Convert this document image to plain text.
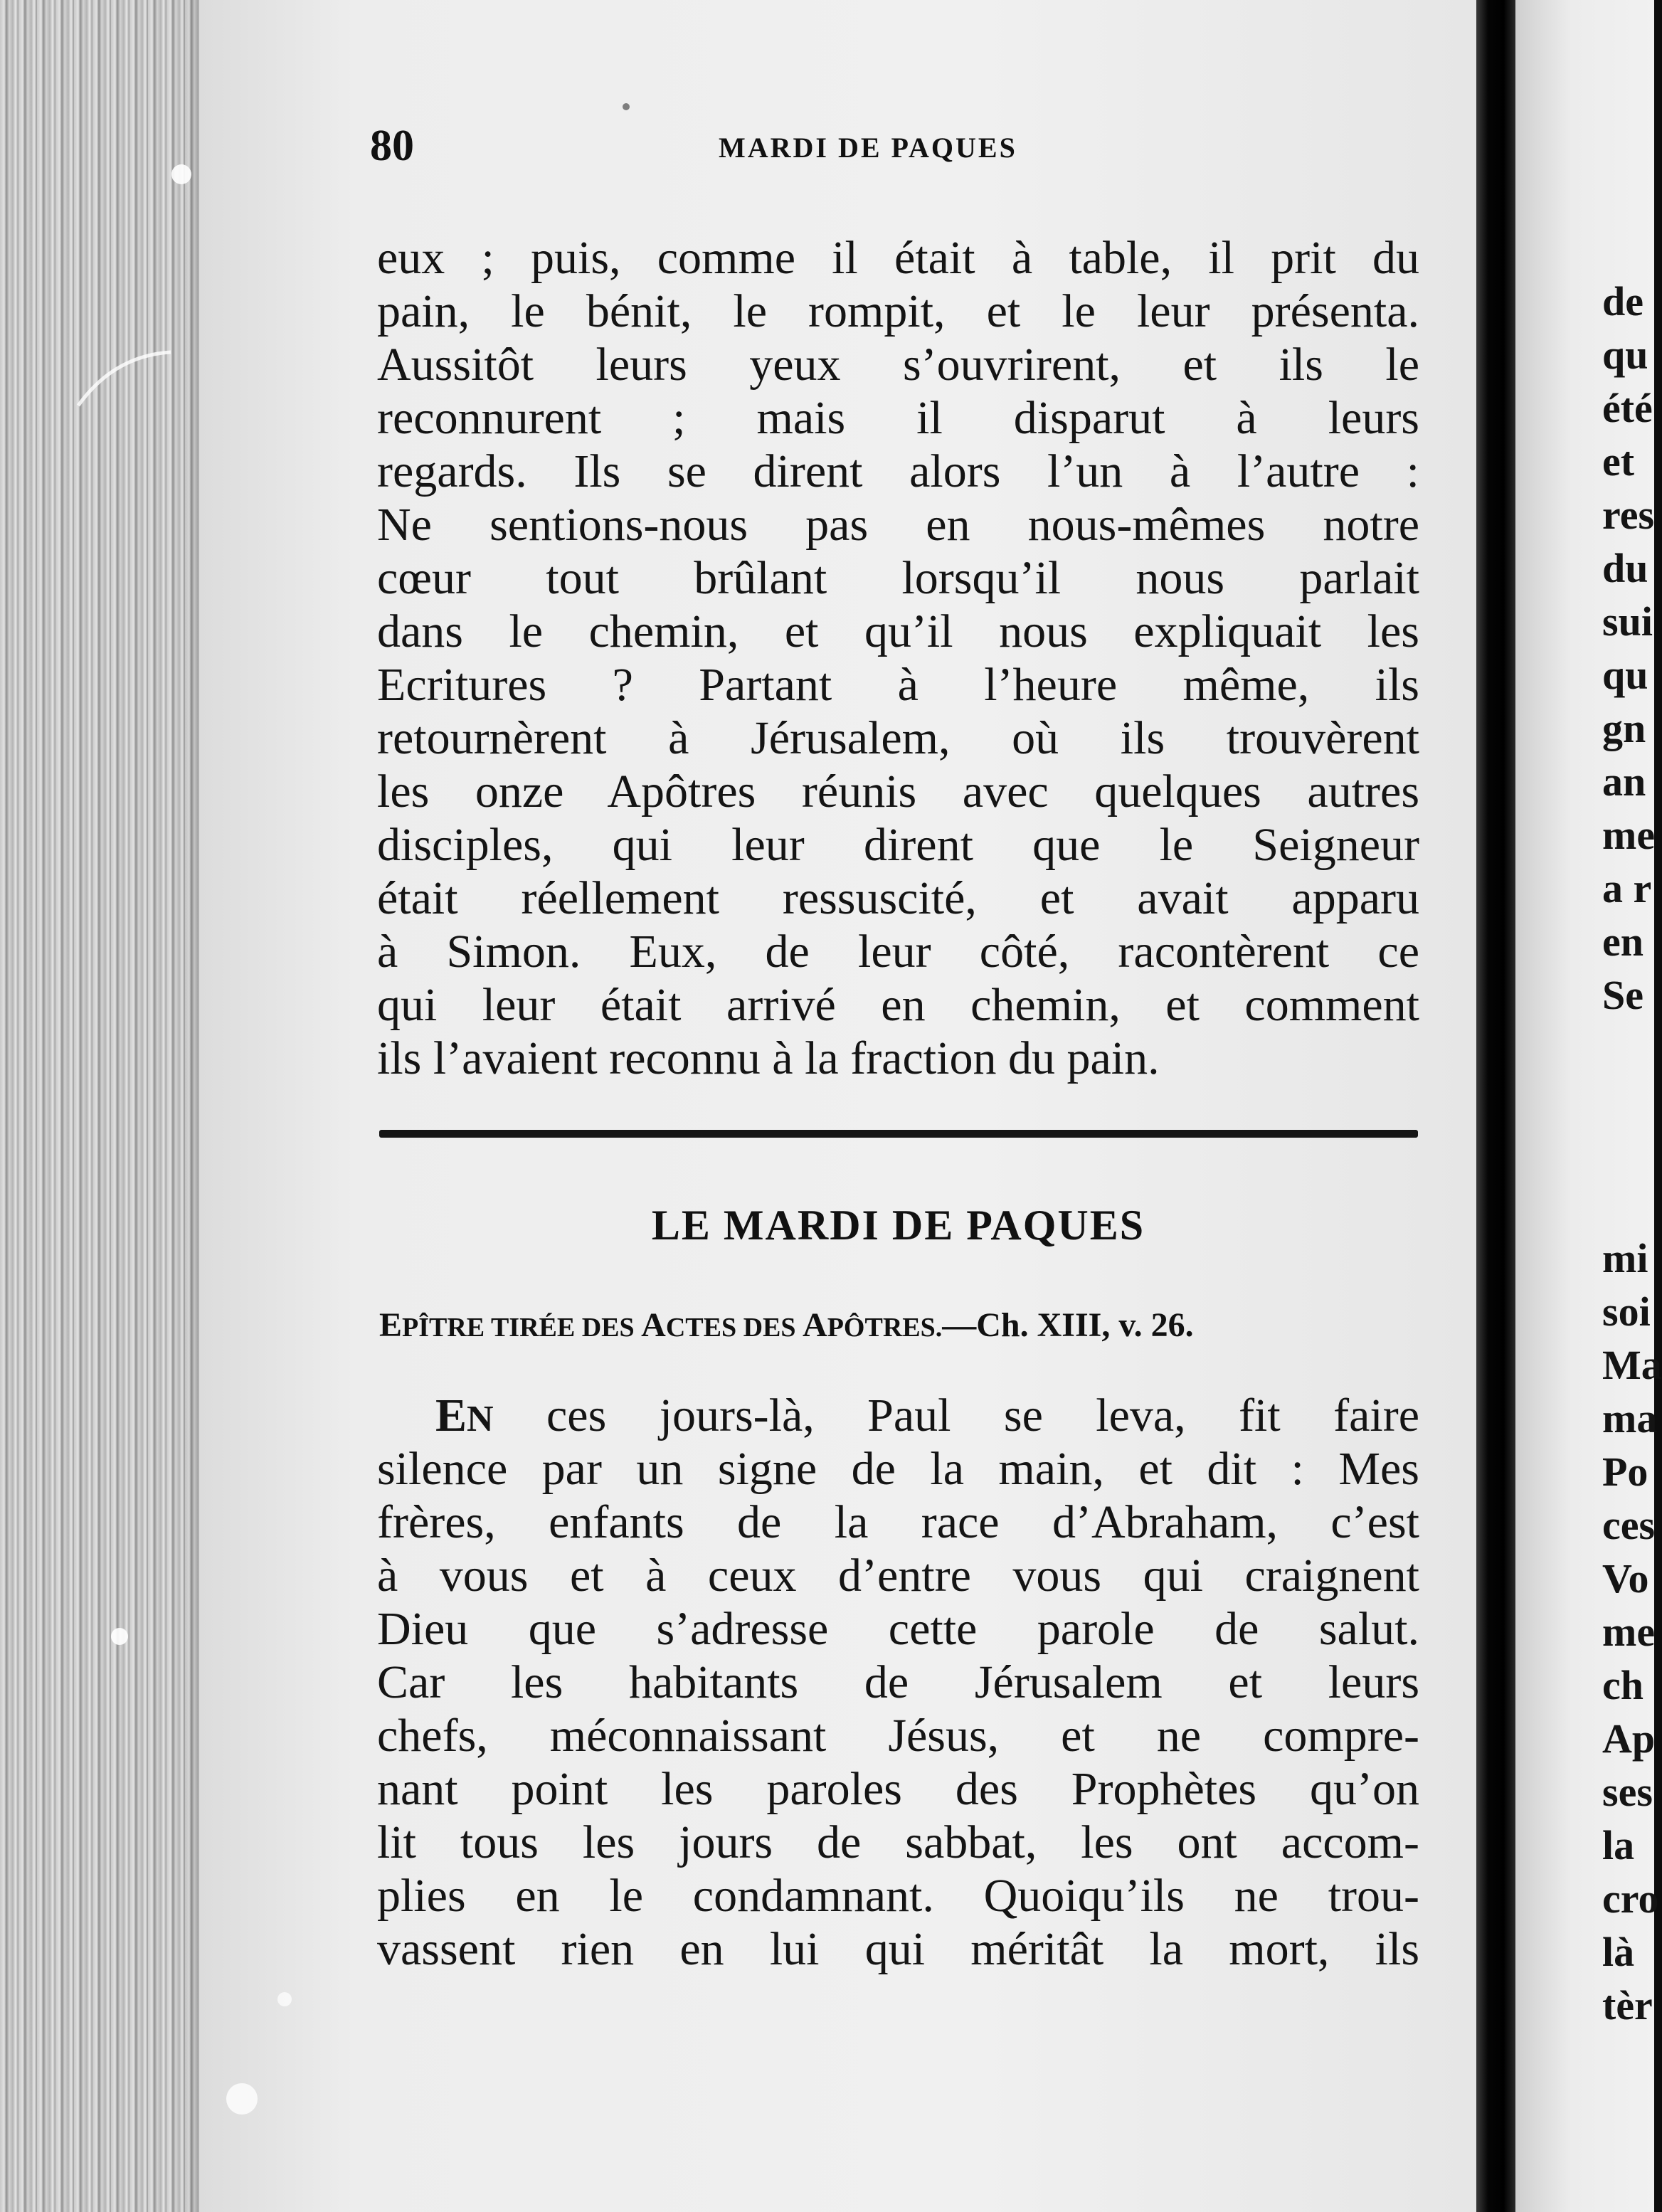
80	MARDI DE PAQUES

eux ; puis, comme il était à table, il prit du

pain, le bénit, le rompit, et le leur présenta.

Aussitôt leurs yeux s’ouvrirent, et ils le

reconnurent ; mais il disparut à leurs

regards. Ils se dirent alors l’un à l’autre :

Ne sentions-nous pas en nous-mêmes notre

cœur tout brûlant lorsqu’il nous parlait

dans le chemin, et qu’il nous expliquait les

Ecritures ? Partant à l’heure même, ils

retournèrent à Jérusalem, où ils trouvèrent

les onze Apôtres réunis avec quelques autres

disciples, qui leur dirent que le Seigneur

était réellement ressuscité, et avait apparu

à Simon. Eux, de leur côté, racontèrent ce

qui leur était arrivé en chemin, et comment

ils l’avaient reconnu à la fraction du pain.

LE MARDI DE PAQUES
EPÎTRE TIRÉE DES ACTES DES APÔTRES.—Ch. XIII, v. 26.

EN ces jours-là, Paul se leva, fit faire

silence par un signe de la main, et dit : Mes

frères, enfants de la race d’Abraham, c’est

à vous et à ceux d’entre vous qui craignent

Dieu que s’adresse cette parole de salut.

Car les habitants de Jérusalem et leurs

chefs, méconnaissant Jésus, et ne compre-

nant point les paroles des Prophètes qu’on

lit tous les jours de sabbat, les ont accom-

plies en le condamnant. Quoiqu’ils ne trou-

vassent rien en lui qui méritât la mort, ils

de

qu

été

et

res

du

sui

qu

gn

an

me

a r

en

Se

mi

soi

Ma

ma

Po

ces

Vo

me

ch

Ap

ses

la

cro

là

tèr
